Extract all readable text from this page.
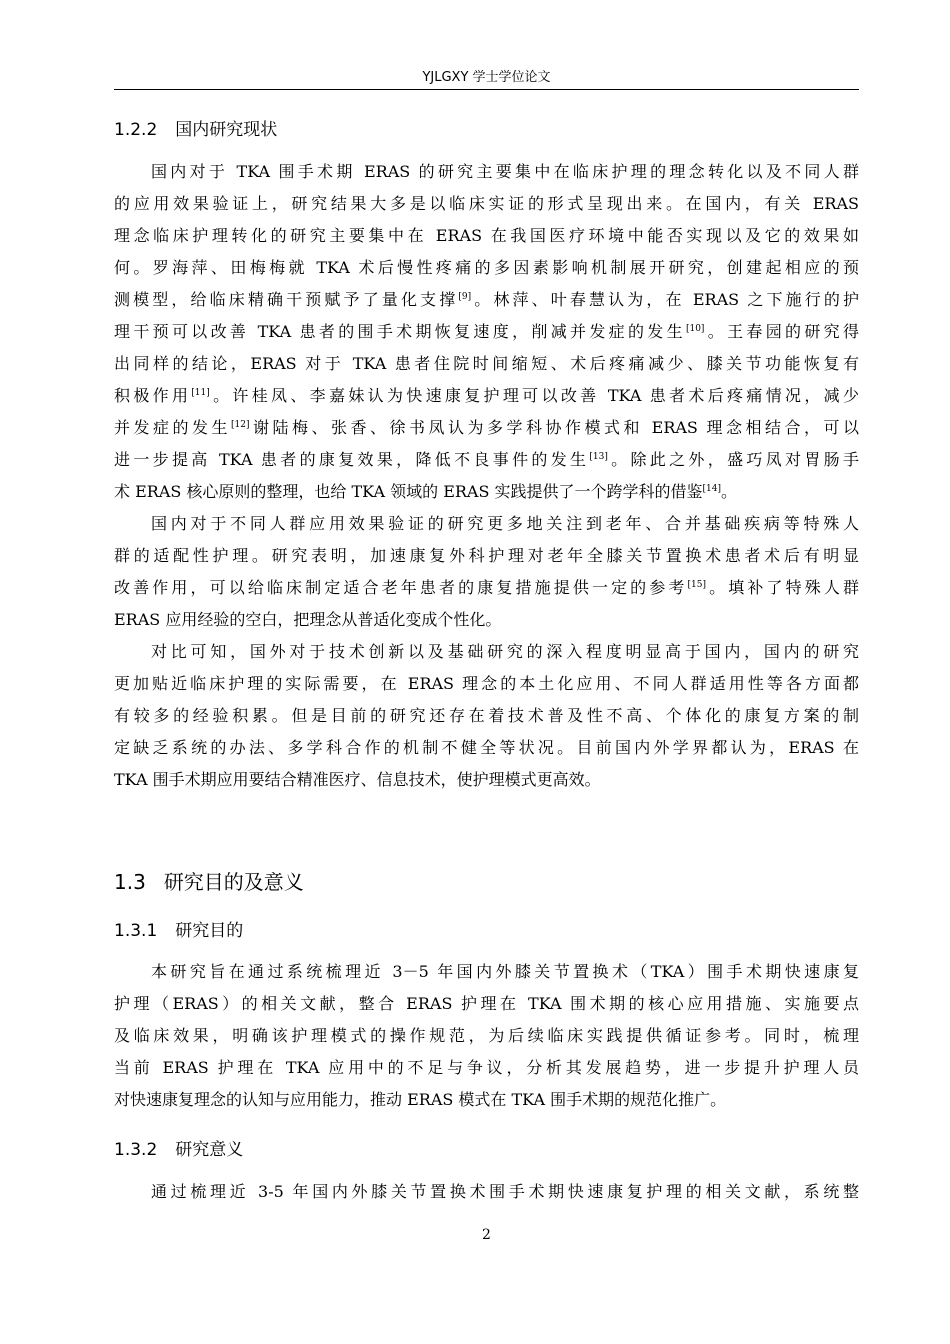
YJLGXY 学士学位论文
1.2.2 国内研究现状
国内对于 TKA 围手术期 ERAS 的研究主要集中在临床护理的理念转化以及不同人群
的应用效果验证上，研究结果大多是以临床实证的形式呈现出来。在国内，有关 ERAS
理念临床护理转化的研究主要集中在 ERAS 在我国医疗环境中能否实现以及它的效果如
何。罗海萍、田梅梅就 TKA 术后慢性疼痛的多因素影响机制展开研究，创建起相应的预
测模型，给临床精确干预赋予了量化支撑[9]。林萍、叶春慧认为，在 ERAS 之下施行的护
理干预可以改善 TKA 患者的围手术期恢复速度，削减并发症的发生[10]。王春园的研究得
出同样的结论，ERAS 对于 TKA 患者住院时间缩短、术后疼痛减少、膝关节功能恢复有
积极作用[11]。许桂凤、李嘉妹认为快速康复护理可以改善 TKA 患者术后疼痛情况，减少
并发症的发生[12]谢陆梅、张香、徐书凤认为多学科协作模式和 ERAS 理念相结合，可以
进一步提高 TKA 患者的康复效果，降低不良事件的发生[13]。除此之外，盛巧凤对胃肠手
术 ERAS 核心原则的整理，也给 TKA 领域的 ERAS 实践提供了一个跨学科的借鉴[14]。
国内对于不同人群应用效果验证的研究更多地关注到老年、合并基础疾病等特殊人
群的适配性护理。研究表明，加速康复外科护理对老年全膝关节置换术患者术后有明显
改善作用，可以给临床制定适合老年患者的康复措施提供一定的参考[15]。填补了特殊人群
ERAS 应用经验的空白，把理念从普适化变成个性化。
对比可知，国外对于技术创新以及基础研究的深入程度明显高于国内，国内的研究
更加贴近临床护理的实际需要，在 ERAS 理念的本土化应用、不同人群适用性等各方面都
有较多的经验积累。但是目前的研究还存在着技术普及性不高、个体化的康复方案的制
定缺乏系统的办法、多学科合作的机制不健全等状况。目前国内外学界都认为，ERAS 在
TKA 围手术期应用要结合精准医疗、信息技术，使护理模式更高效。
1.3 研究目的及意义
1.3.1 研究目的
本研究旨在通过系统梳理近 3－5 年国内外膝关节置换术（TKA）围手术期快速康复
护理（ERAS）的相关文献，整合 ERAS 护理在 TKA 围术期的核心应用措施、实施要点
及临床效果，明确该护理模式的操作规范，为后续临床实践提供循证参考。同时，梳理
当前 ERAS 护理在 TKA 应用中的不足与争议，分析其发展趋势，进一步提升护理人员
对快速康复理念的认知与应用能力，推动 ERAS 模式在 TKA 围手术期的规范化推广。
1.3.2 研究意义
通过梳理近 3-5 年国内外膝关节置换术围手术期快速康复护理的相关文献，系统整
2
